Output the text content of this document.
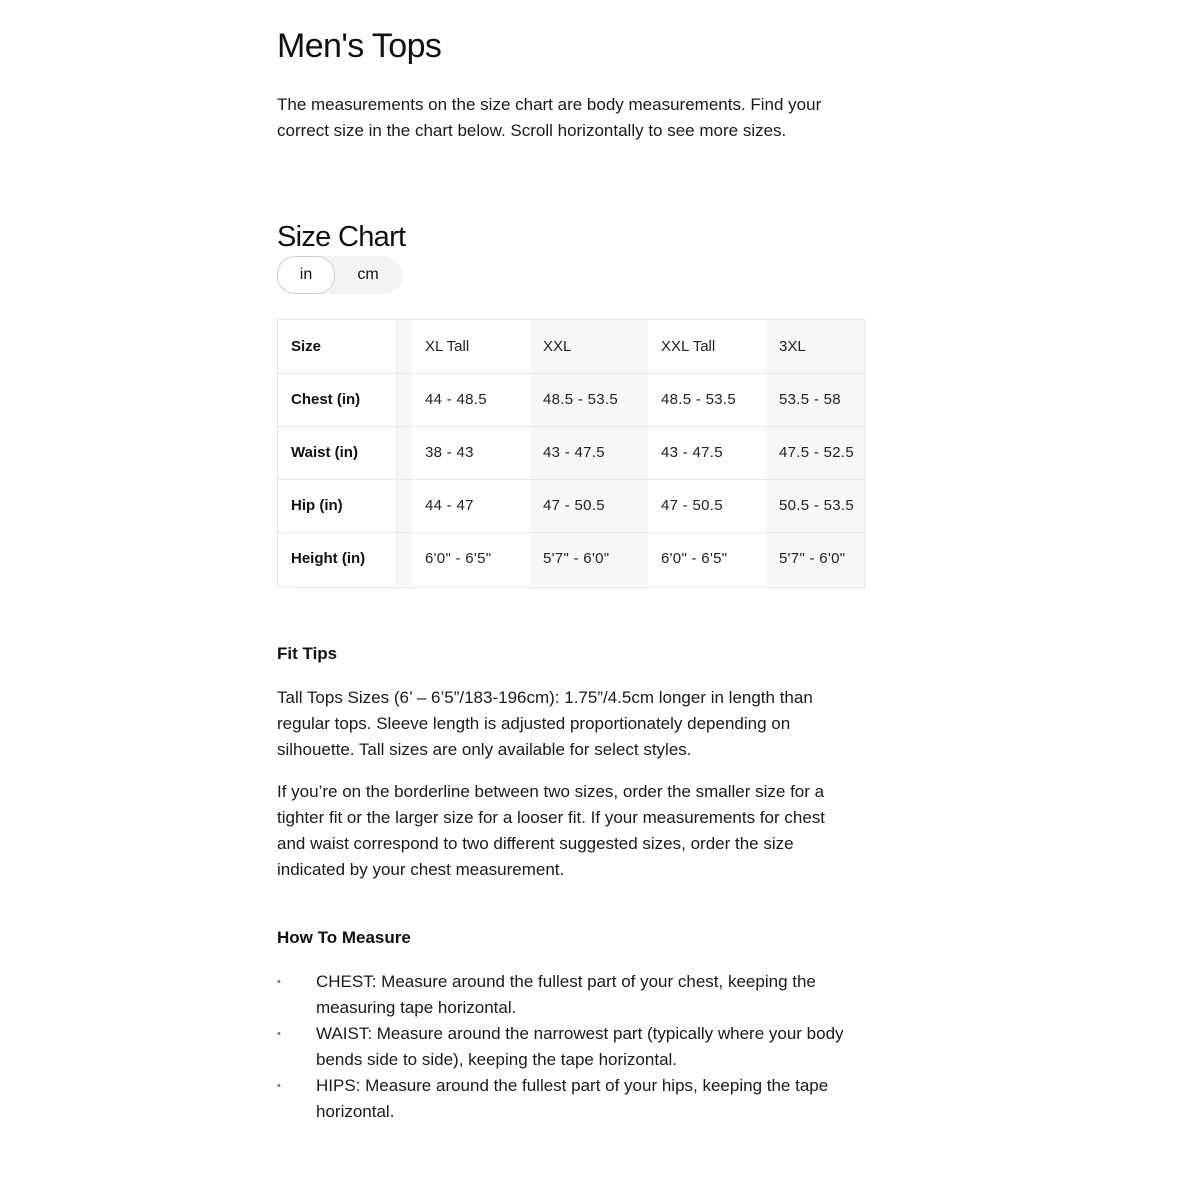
Men's Tops

The measurements on the size chart are body measurements. Find your correct size in the chart below. Scroll horizontally to see more sizes.

Size Chart
in	cm
Size		XL Tall	XXL	XXL Tall	3XL
Chest (in)		44 - 48.5	48.5 - 53.5	48.5 - 53.5	53.5 - 58
Waist (in)		38 - 43	43 - 47.5	43 - 47.5	47.5 - 52.5
Hip (in)		44 - 47	47 - 50.5	47 - 50.5	50.5 - 53.5
Height (in)		6'0" - 6'5"	5'7" - 6'0"	6'0" - 6'5"	5'7" - 6'0"
Fit Tips

Tall Tops Sizes (6’ – 6’5”/183-196cm): 1.75”/4.5cm longer in length than regular tops. Sleeve length is adjusted proportionately depending on silhouette. Tall sizes are only available for select styles.

If you’re on the borderline between two sizes, order the smaller size for a tighter fit or the larger size for a looser fit. If your measurements for chest and waist correspond to two different suggested sizes, order the size indicated by your chest measurement.

How To Measure
•	CHEST: Measure around the fullest part of your chest, keeping the measuring tape horizontal.
•	WAIST: Measure around the narrowest part (typically where your body bends side to side), keeping the tape horizontal.
•	HIPS: Measure around the fullest part of your hips, keeping the tape horizontal.
